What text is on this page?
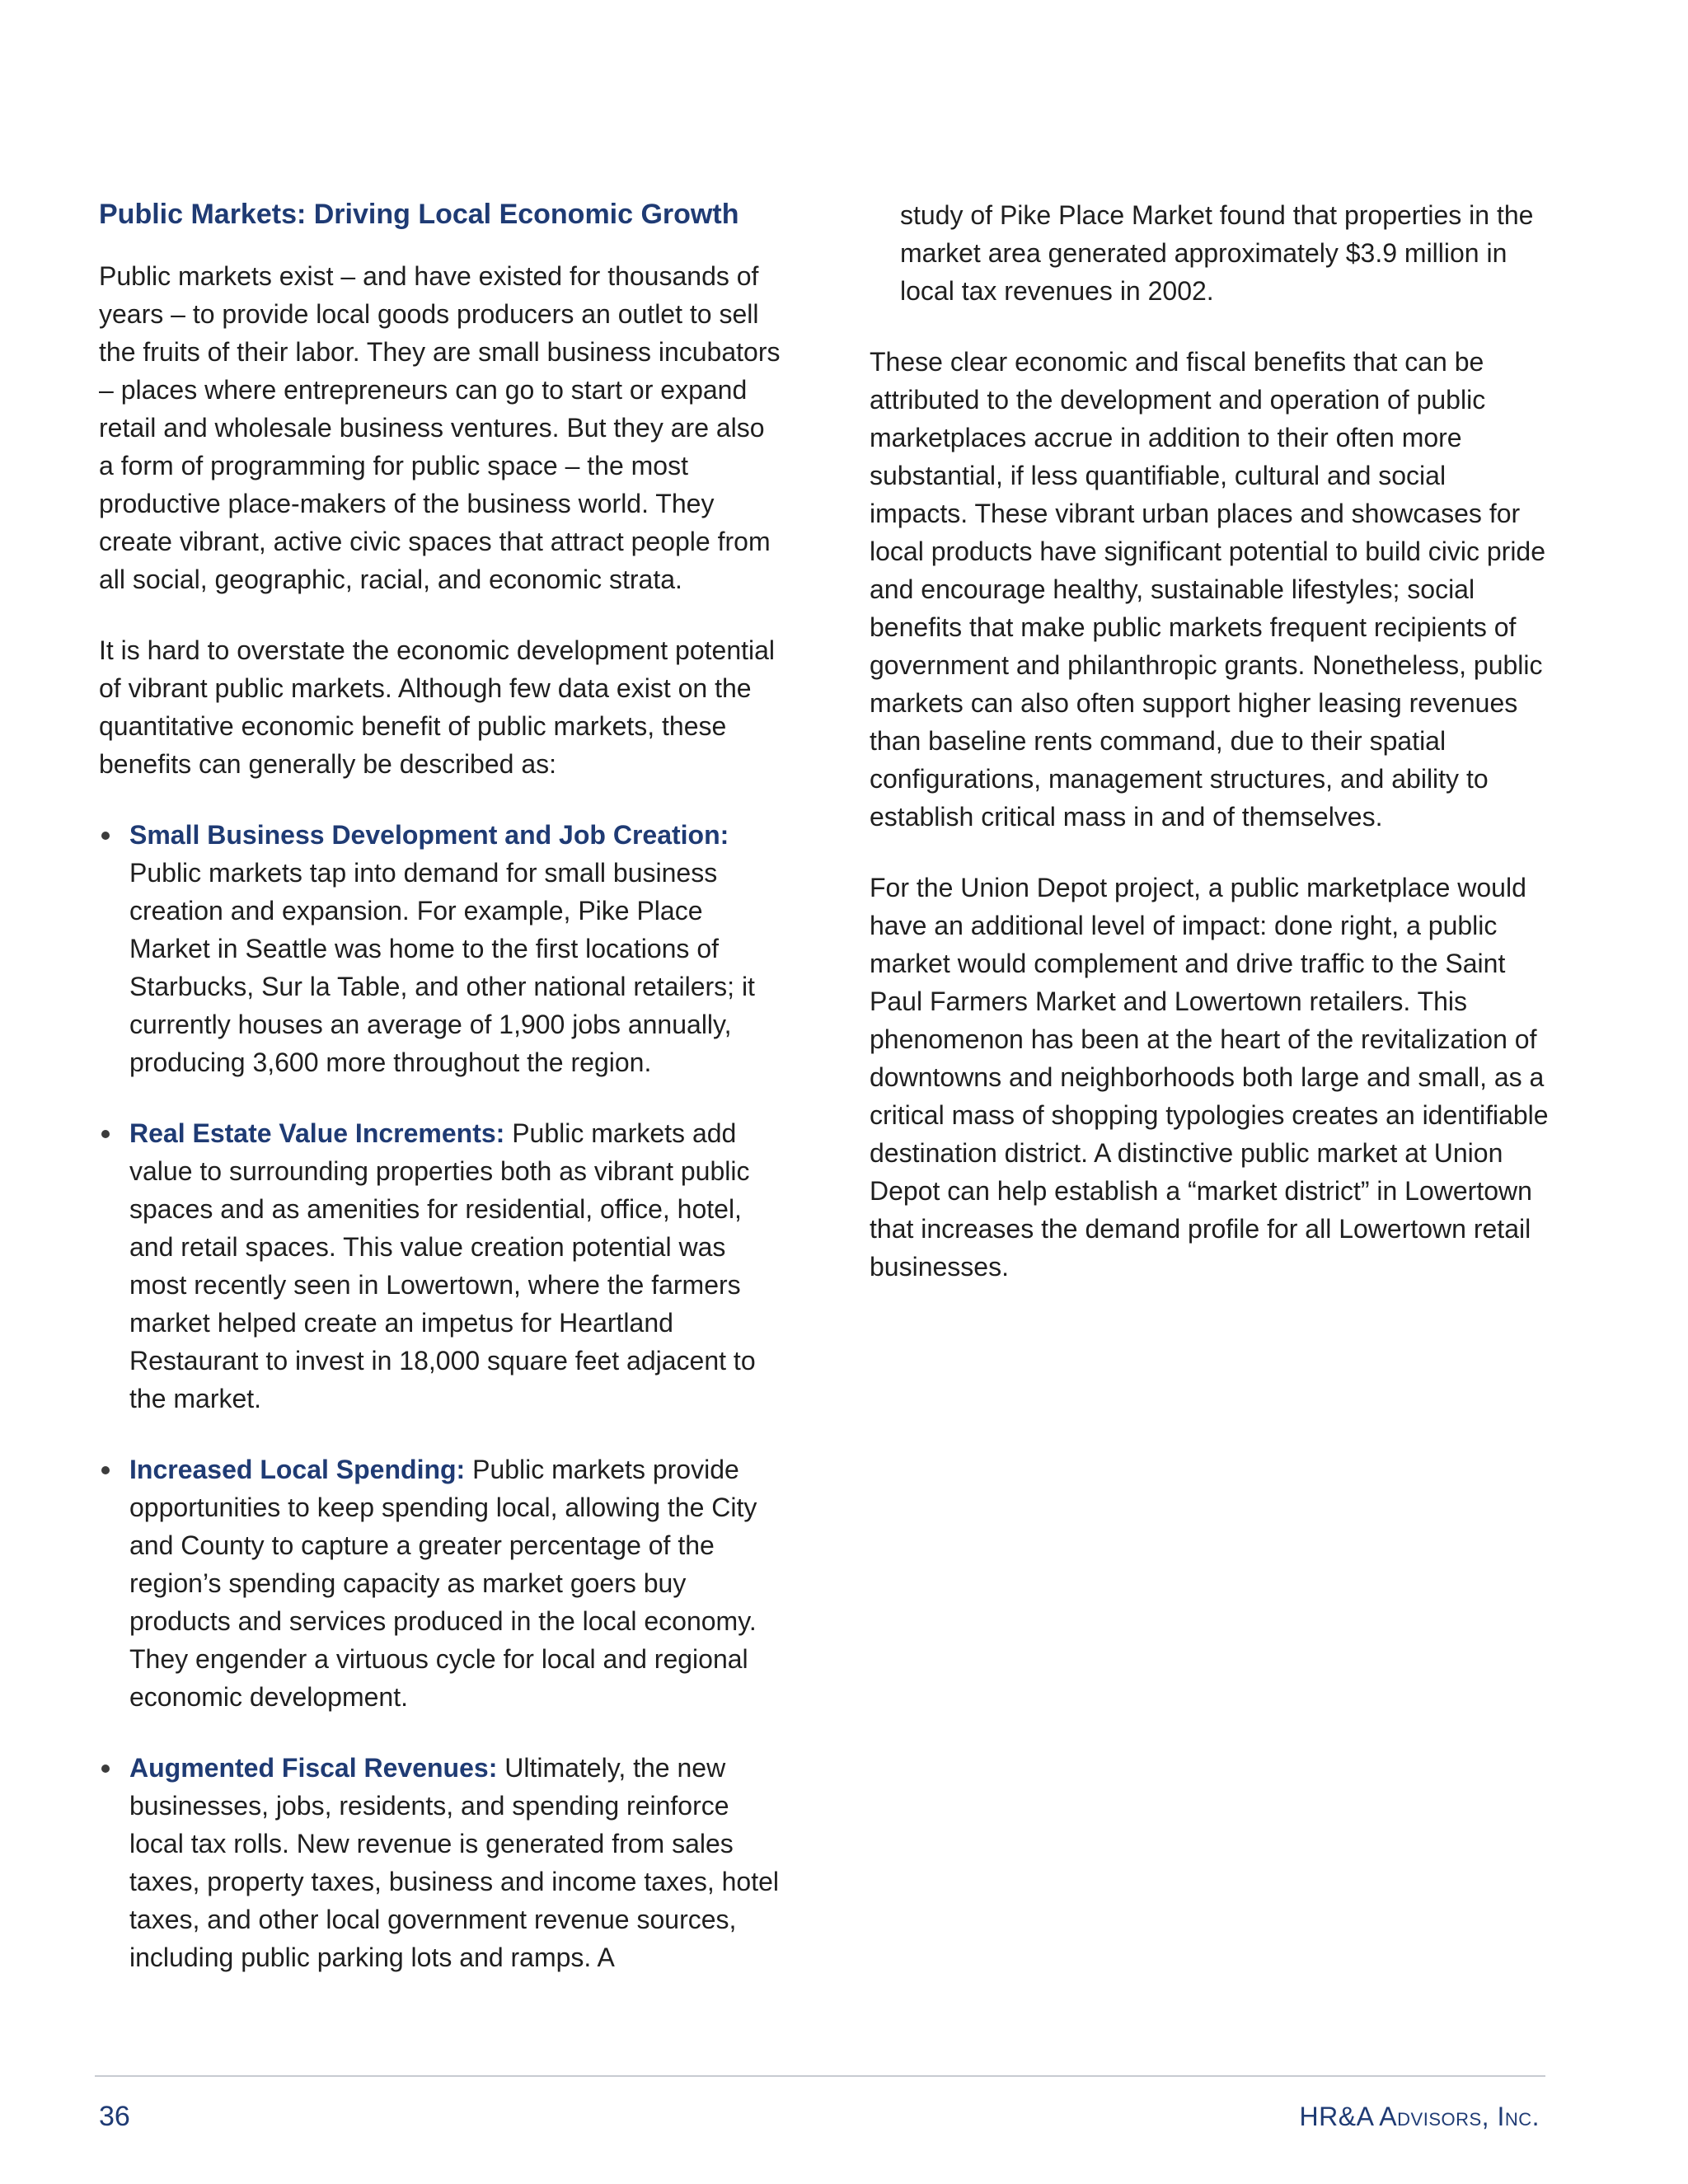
Public Markets: Driving Local Economic Growth

Public markets exist – and have existed for thousands of years – to provide local goods producers an outlet to sell the fruits of their labor. They are small business incubators – places where entrepreneurs can go to start or expand retail and wholesale business ventures. But they are also a form of programming for public space – the most productive place-makers of the business world. They create vibrant, active civic spaces that attract people from all social, geographic, racial, and economic strata.

It is hard to overstate the economic development potential of vibrant public markets. Although few data exist on the quantitative economic benefit of public markets, these benefits can generally be described as:

Small Business Development and Job Creation: Public markets tap into demand for small business creation and expansion. For example, Pike Place Market in Seattle was home to the first locations of Starbucks, Sur la Table, and other national retailers; it currently houses an average of 1,900 jobs annually, producing 3,600 more throughout the region.
Real Estate Value Increments: Public markets add value to surrounding properties both as vibrant public spaces and as amenities for residential, office, hotel, and retail spaces. This value creation potential was most recently seen in Lowertown, where the farmers market helped create an impetus for Heartland Restaurant to invest in 18,000 square feet adjacent to the market.
Increased Local Spending: Public markets provide opportunities to keep spending local, allowing the City and County to capture a greater percentage of the region’s spending capacity as market goers buy products and services produced in the local economy. They engender a virtuous cycle for local and regional economic development.
Augmented Fiscal Revenues: Ultimately, the new businesses, jobs, residents, and spending reinforce local tax rolls. New revenue is generated from sales taxes, property taxes, business and income taxes, hotel taxes, and other local government revenue sources, including public parking lots and ramps. A

study of Pike Place Market found that properties in the market area generated approximately $3.9 million in local tax revenues in 2002.

These clear economic and fiscal benefits that can be attributed to the development and operation of public marketplaces accrue in addition to their often more substantial, if less quantifiable, cultural and social impacts. These vibrant urban places and showcases for local products have significant potential to build civic pride and encourage healthy, sustainable lifestyles; social benefits that make public markets frequent recipients of government and philanthropic grants. Nonetheless, public markets can also often support higher leasing revenues than baseline rents command, due to their spatial configurations, management structures, and ability to establish critical mass in and of themselves.

For the Union Depot project, a public marketplace would have an additional level of impact: done right, a public market would complement and drive traffic to the Saint Paul Farmers Market and Lowertown retailers. This phenomenon has been at the heart of the revitalization of downtowns and neighborhoods both large and small, as a critical mass of shopping typologies creates an identifiable destination district. A distinctive public market at Union Depot can help establish a “market district” in Lowertown that increases the demand profile for all Lowertown retail businesses.

36	HR&A Advisors, Inc.
